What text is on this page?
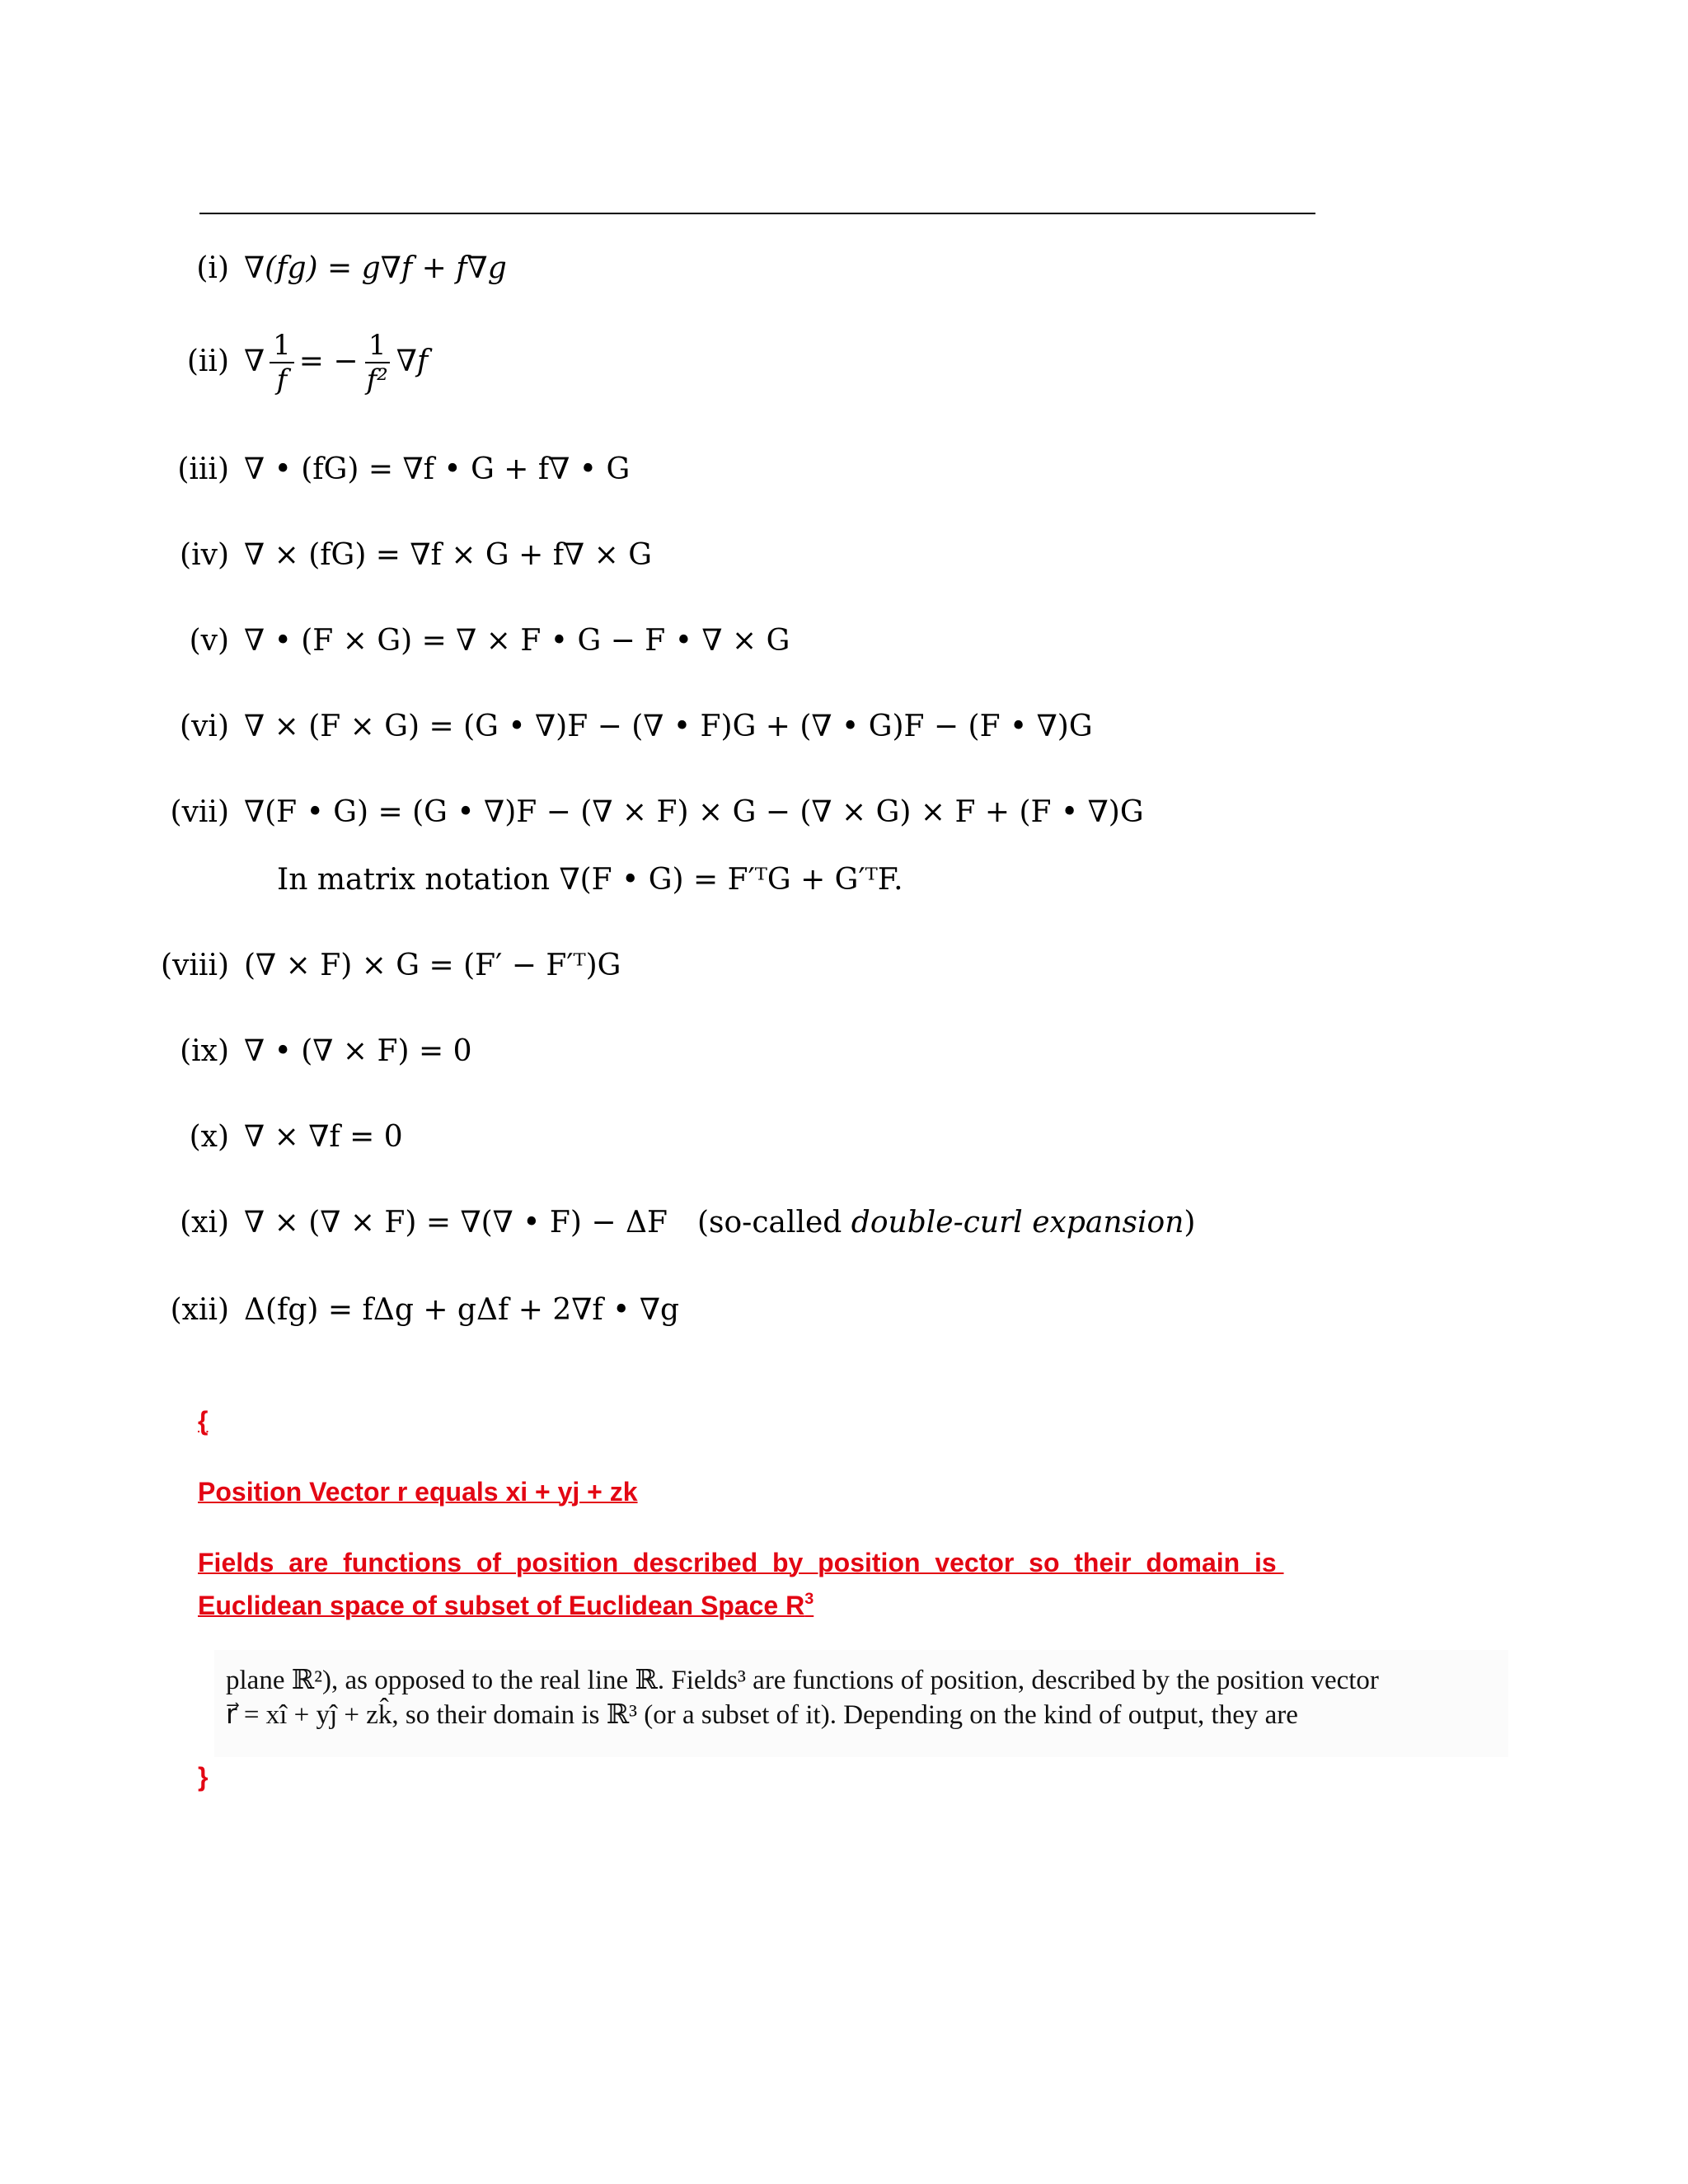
(i) ∇(fg) = g∇f + f∇g
(ii) ∇ $\frac{1}{f}$ = − $\frac{1}{\text{f²}} \nabla f$
(iii) ∇ • (fG) = ∇f • G + f∇ • G
(iv) ∇ × (fG) = ∇f × G + f∇ × G
(v) ∇ • (F × G) = ∇ × F • G − F • ∇ × G
(vi) ∇ × (F × G) = (G • ∇)F − (∇ • F)G + (∇ • G)F − (F • ∇)G
(vii) ∇(F • G) = (G • ∇)F − (∇ × F) × G − (∇ × G) × F + (F • ∇)G
In matrix notation ∇(F • G) = F′ᵀG + G′ᵀF.
(viii) (∇ × F) × G = (F′ − F′ᵀ)G
(ix) ∇ • (∇ × F) = 0
(x) ∇ × ∇f = 0
(xi) ∇ × (∇ × F) = ∇(∇ • F) − ΔF (so-called double-curl expansion)
(xii) Δ(fg) = fΔg + gΔf + 2∇f • ∇g
{
Position Vector r equals xi + yj + zk
Fields  are  functions  of  position  described  by  position  vector  so  their  domain  is
Euclidean space of subset of Euclidean Space $R^3$
plane ℝ²), as opposed to the real line ℝ. Fields³ are functions of position, described by the position vector
r⃗ = xî + yĵ + zk̂, so their domain is ℝ³ (or a subset of it). Depending on the kind of output, they are
}
